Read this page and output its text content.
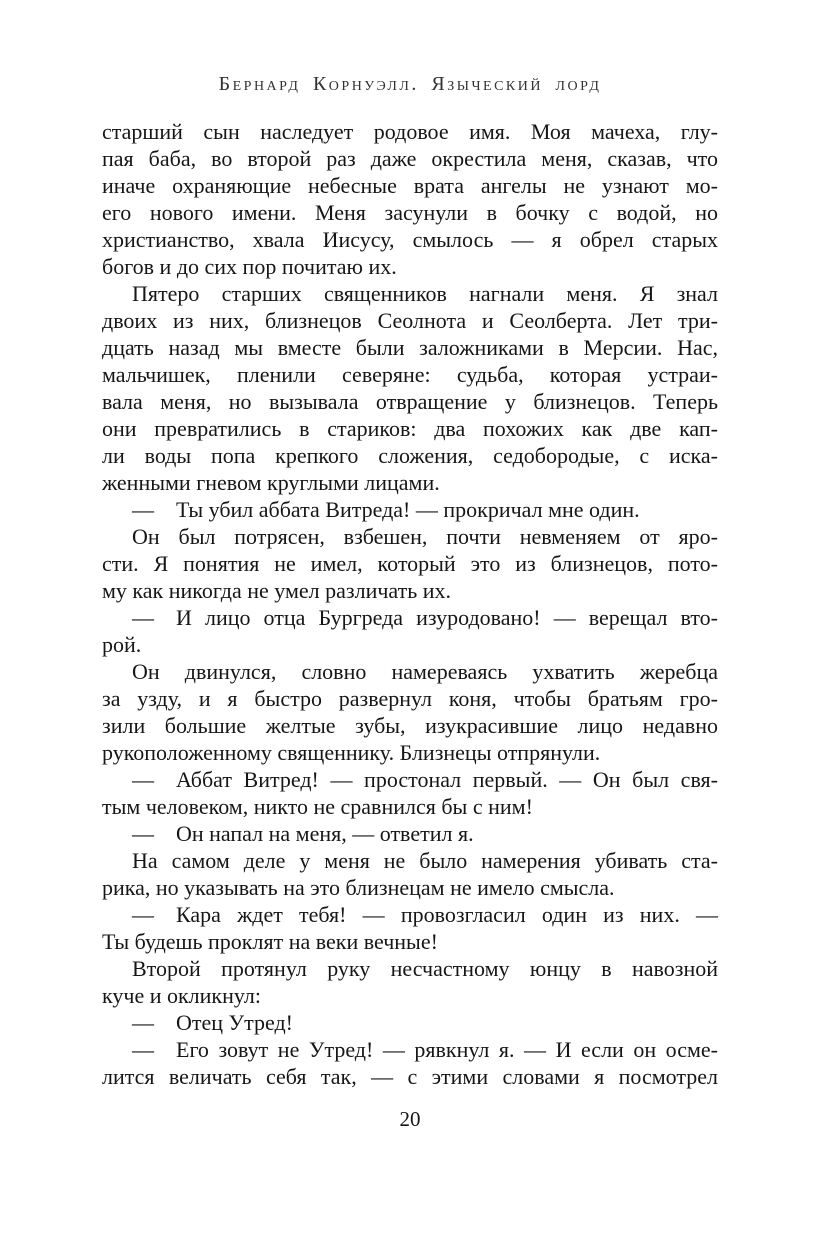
Бернард Корнуэлл. Языческий лорд
старший сын наследует родовое имя. Моя мачеха, глу-
пая баба, во второй раз даже окрестила меня, сказав, что
иначе охраняющие небесные врата ангелы не узнают мо-
его нового имени. Меня засунули в бочку с водой, но
христианство, хвала Иисусу, смылось — я обрел старых
богов и до сих пор почитаю их.
Пятеро старших священников нагнали меня. Я знал
двоих из них, близнецов Сеолнота и Сеолберта. Лет три-
дцать назад мы вместе были заложниками в Мерсии. Нас,
мальчишек, пленили северяне: судьба, которая устраи-
вала меня, но вызывала отвращение у близнецов. Теперь
они превратились в стариков: два похожих как две кап-
ли воды попа крепкого сложения, седобородые, с иска-
женными гневом круглыми лицами.
— Ты убил аббата Витреда! — прокричал мне один.
Он был потрясен, взбешен, почти невменяем от яро-
сти. Я понятия не имел, который это из близнецов, пото-
му как никогда не умел различать их.
— И лицо отца Бургреда изуродовано! — верещал вто-
рой.
Он двинулся, словно намереваясь ухватить жеребца
за узду, и я быстро развернул коня, чтобы братьям гро-
зили большие желтые зубы, изукрасившие лицо недавно
рукоположенному священнику. Близнецы отпрянули.
— Аббат Витред! — простонал первый. — Он был свя-
тым человеком, никто не сравнился бы с ним!
— Он напал на меня, — ответил я.
На самом деле у меня не было намерения убивать ста-
рика, но указывать на это близнецам не имело смысла.
— Кара ждет тебя! — провозгласил один из них. —
Ты будешь проклят на веки вечные!
Второй протянул руку несчастному юнцу в навозной
куче и окликнул:
— Отец Утред!
— Его зовут не Утред! — рявкнул я. — И если он осме-
лится величать себя так, — с этими словами я посмотрел
20
